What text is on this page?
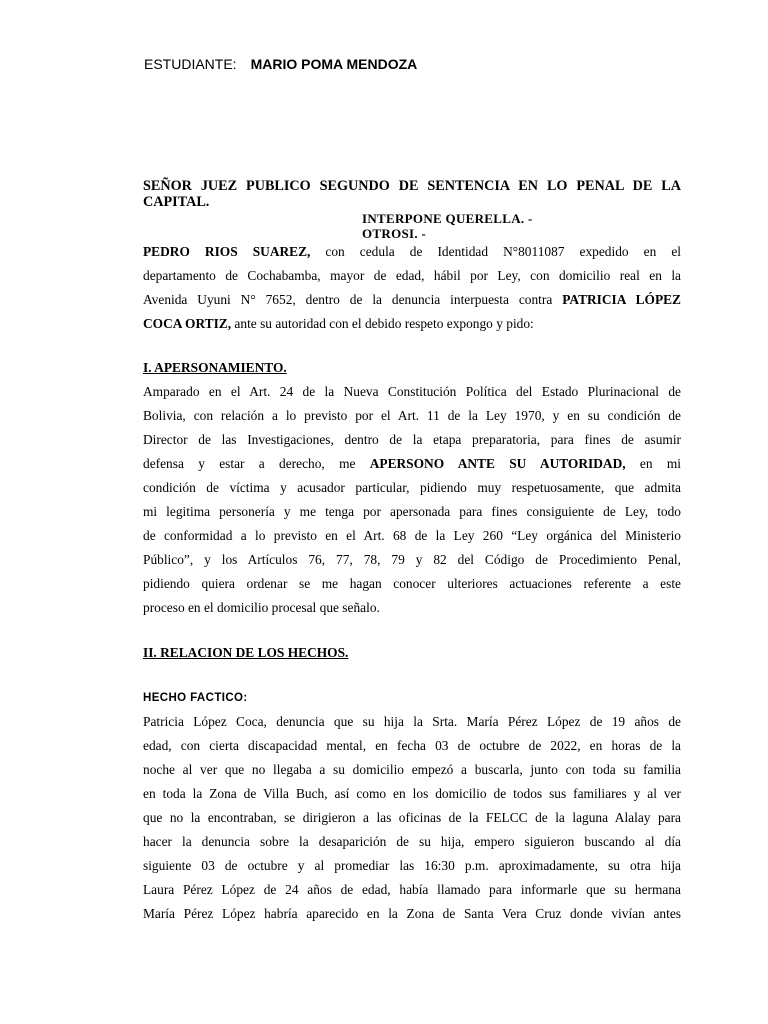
ESTUDIANTE: MARIO POMA MENDOZA
SEÑOR JUEZ PUBLICO SEGUNDO DE SENTENCIA EN LO PENAL DE LA
CAPITAL.
INTERPONE QUERELLA. -
OTROSI. -
PEDRO RIOS SUAREZ, con cedula de Identidad N°8011087 expedido en el
departamento de Cochabamba, mayor de edad, hábil por Ley, con domicilio real en la
Avenida Uyuni N° 7652, dentro de la denuncia interpuesta contra PATRICIA LÓPEZ
COCA ORTIZ, ante su autoridad con el debido respeto expongo y pido:
I. APERSONAMIENTO.
Amparado en el Art. 24 de la Nueva Constitución Política del Estado Plurinacional de
Bolivia, con relación a lo previsto por el Art. 11 de la Ley 1970, y en su condición de
Director de las Investigaciones, dentro de la etapa preparatoria, para fines de asumir
defensa y estar a derecho, me APERSONO ANTE SU AUTORIDAD, en mi
condición de víctima y acusador particular, pidiendo muy respetuosamente, que admita
mi legitima personería y me tenga por apersonada para fines consiguiente de Ley, todo
de conformidad a lo previsto en el Art. 68 de la Ley 260 “Ley orgánica del Ministerio
Público”, y los Artículos 76, 77, 78, 79 y 82 del Código de Procedimiento Penal,
pidiendo quiera ordenar se me hagan conocer ulteriores actuaciones referente a este
proceso en el domicilio procesal que señalo.
II. RELACION DE LOS HECHOS.
HECHO FACTICO:
Patricia López Coca, denuncia que su hija la Srta. María Pérez López de 19 años de
edad, con cierta discapacidad mental, en fecha 03 de octubre de 2022, en horas de la
noche al ver que no llegaba a su domicilio empezó a buscarla, junto con toda su familia
en toda la Zona de Villa Buch, así como en los domicilio de todos sus familiares y al ver
que no la encontraban, se dirigieron a las oficinas de la FELCC de la laguna Alalay para
hacer la denuncia sobre la desaparición de su hija, empero siguieron buscando al día
siguiente 03 de octubre y al promediar las 16:30 p.m. aproximadamente, su otra hija
Laura Pérez López de 24 años de edad, había llamado para informarle que su hermana
María Pérez López habría aparecido en la Zona de Santa Vera Cruz donde vivían antes
